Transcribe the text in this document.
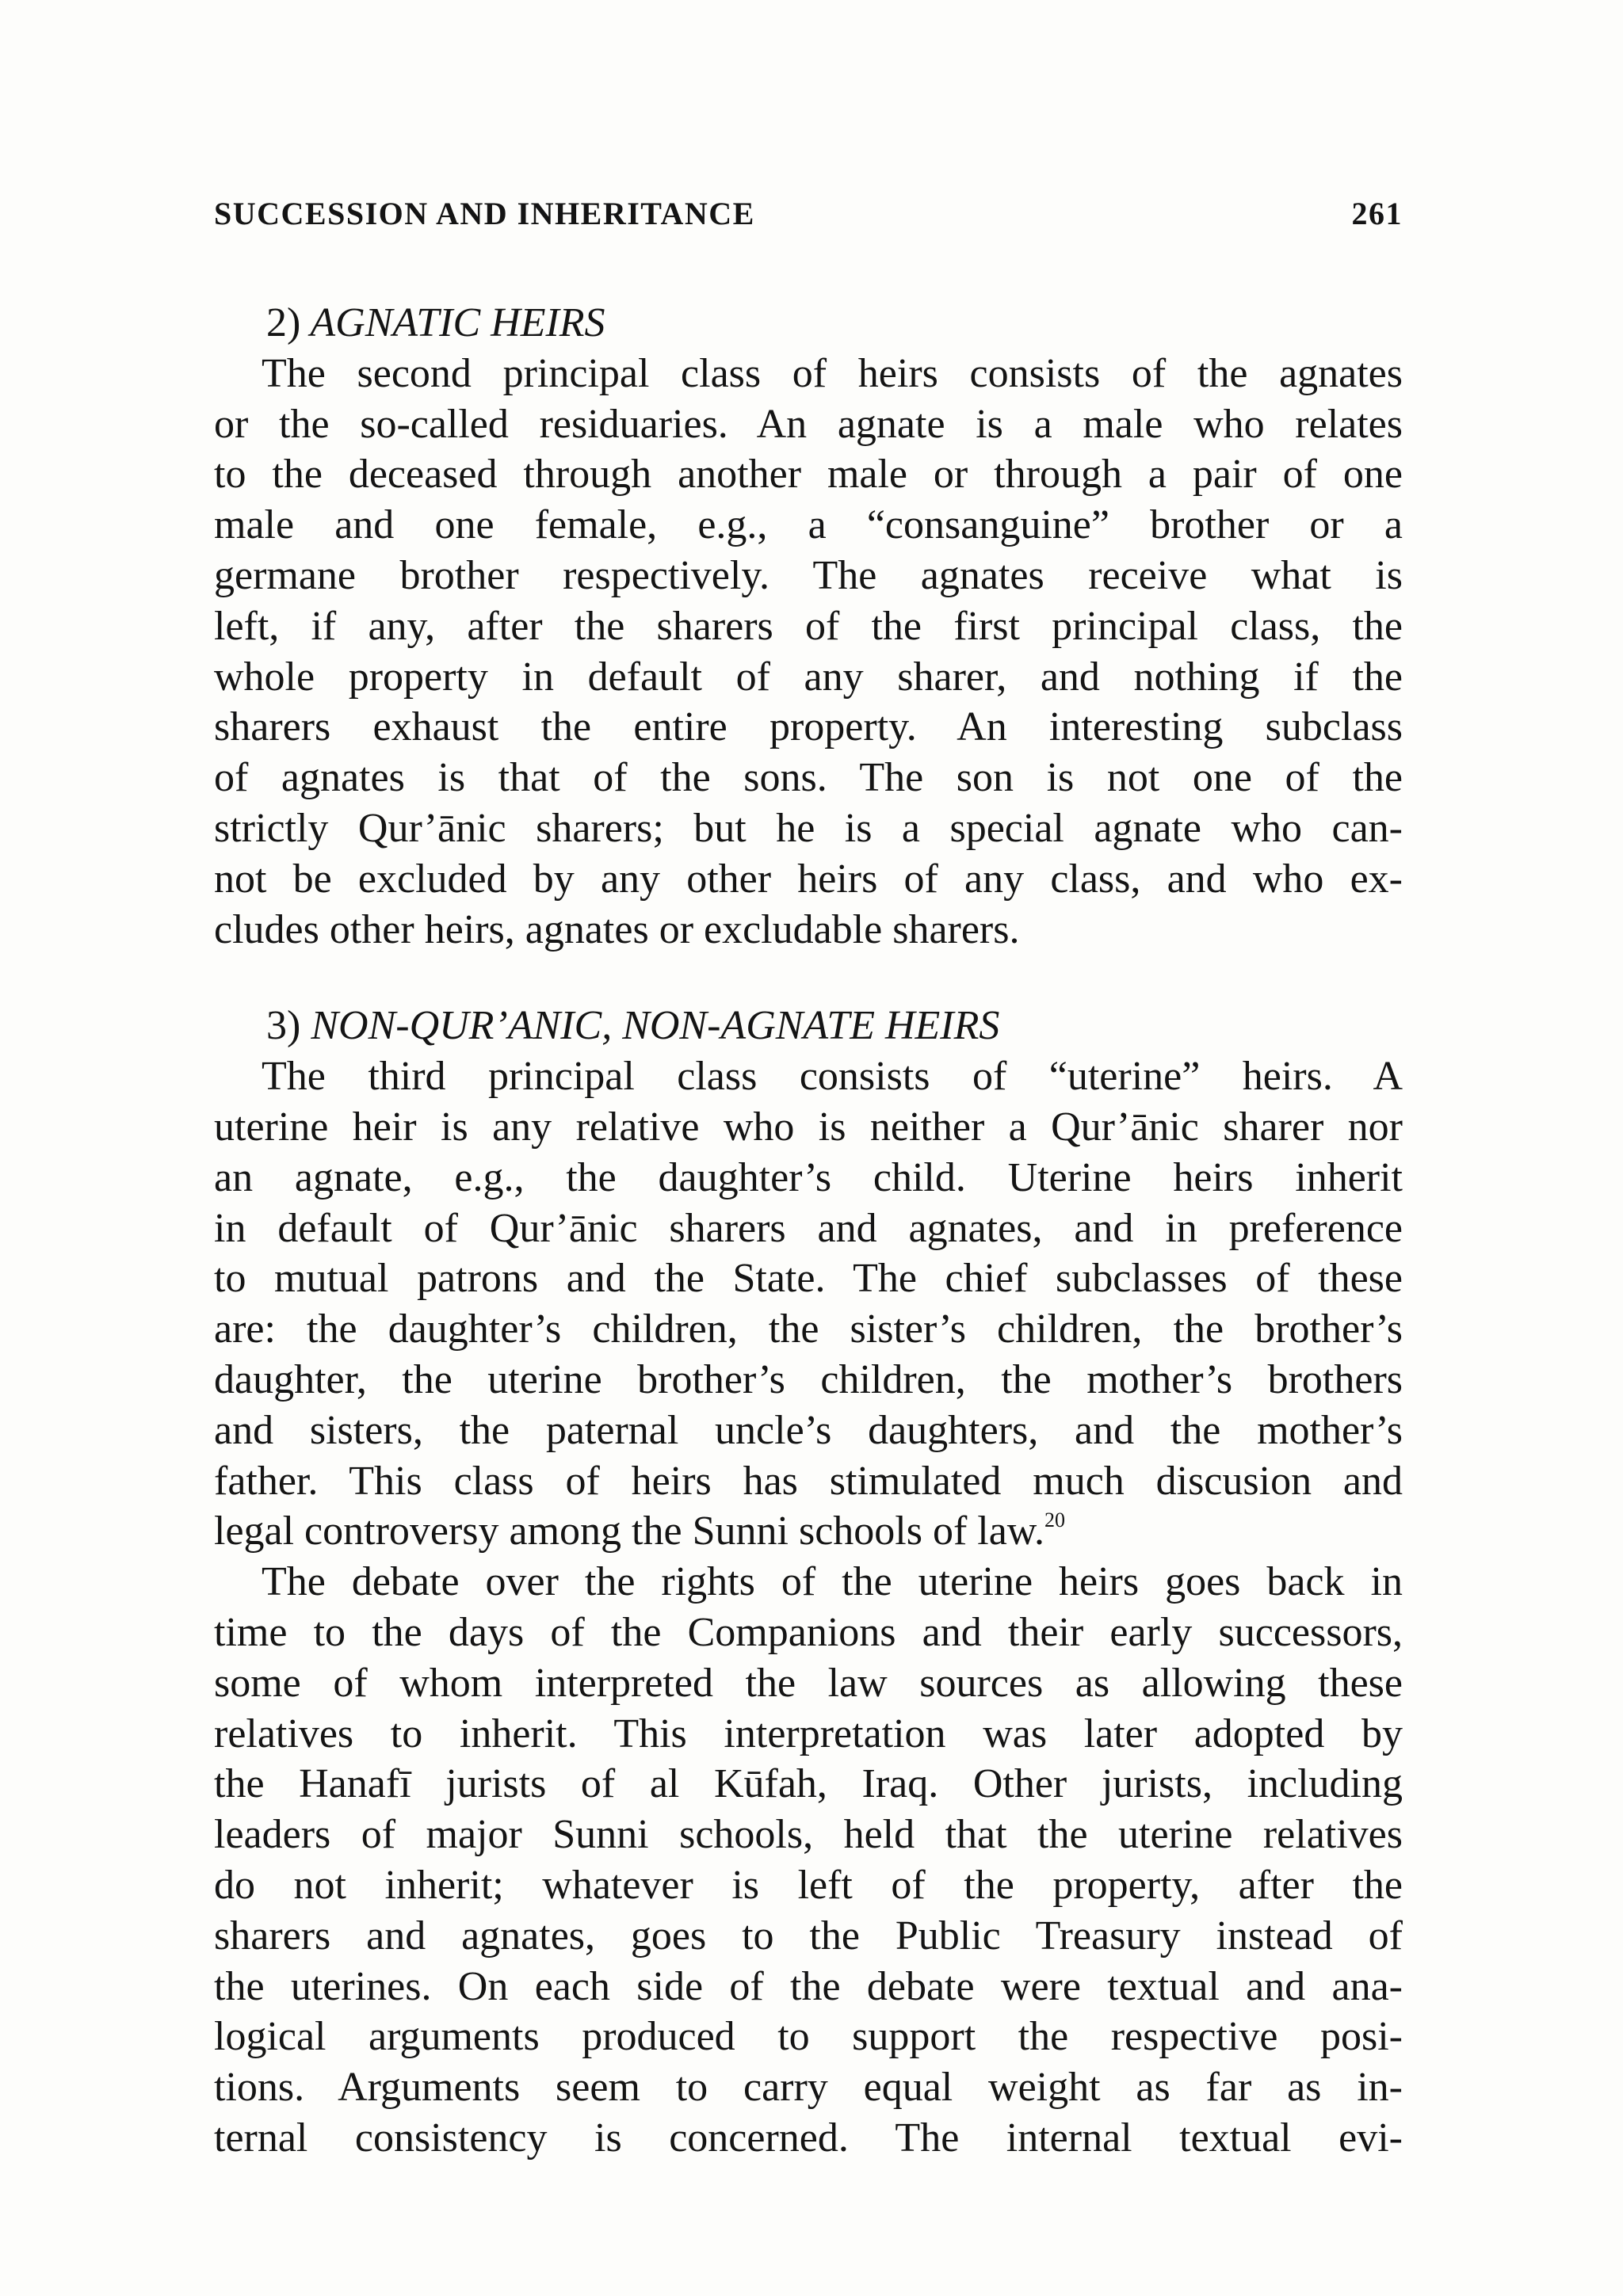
SUCCESSION AND INHERITANCE	261
2) AGNATIC HEIRS
The second principal class of heirs consists of the agnates
or the so-called residuaries. An agnate is a male who relates
to the deceased through another male or through a pair of one
male and one female, e.g., a “consanguine” brother or a
germane brother respectively. The agnates receive what is
left, if any, after the sharers of the first principal class, the
whole property in default of any sharer, and nothing if the
sharers exhaust the entire property. An interesting subclass
of agnates is that of the sons. The son is not one of the
strictly Qur’ānic sharers; but he is a special agnate who can-
not be excluded by any other heirs of any class, and who ex-
cludes other heirs, agnates or excludable sharers.
3) NON-QUR’ANIC, NON-AGNATE HEIRS
The third principal class consists of “uterine” heirs. A
uterine heir is any relative who is neither a Qur’ānic sharer nor
an agnate, e.g., the daughter’s child. Uterine heirs inherit
in default of Qur’ānic sharers and agnates, and in preference
to mutual patrons and the State. The chief subclasses of these
are: the daughter’s children, the sister’s children, the brother’s
daughter, the uterine brother’s children, the mother’s brothers
and sisters, the paternal uncle’s daughters, and the mother’s
father. This class of heirs has stimulated much discusion and
legal controversy among the Sunni schools of law.$^{20}$
The debate over the rights of the uterine heirs goes back in
time to the days of the Companions and their early successors,
some of whom interpreted the law sources as allowing these
relatives to inherit. This interpretation was later adopted by
the Hanafī jurists of al Kūfah, Iraq. Other jurists, including
leaders of major Sunni schools, held that the uterine relatives
do not inherit; whatever is left of the property, after the
sharers and agnates, goes to the Public Treasury instead of
the uterines. On each side of the debate were textual and ana-
logical arguments produced to support the respective posi-
tions. Arguments seem to carry equal weight as far as in-
ternal consistency is concerned. The internal textual evi-
